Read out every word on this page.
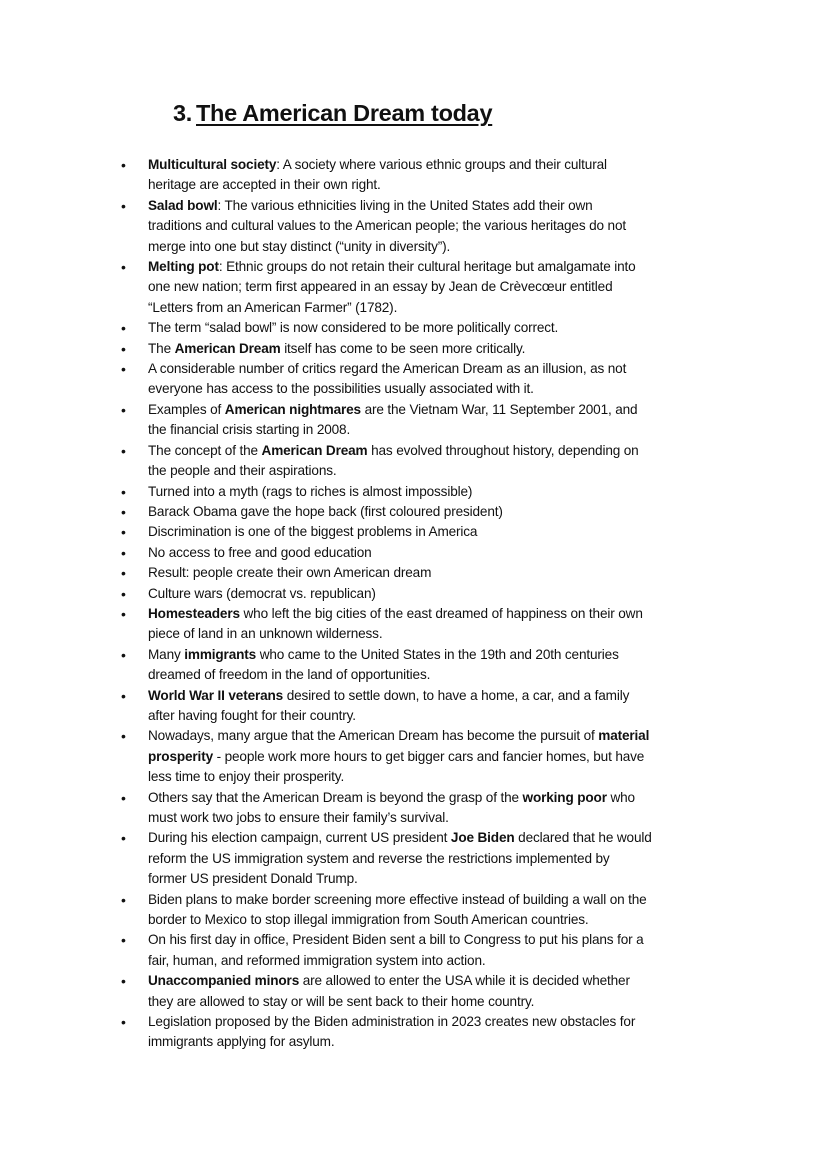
3. The American Dream today
• Multicultural society: A society where various ethnic groups and their cultural
heritage are accepted in their own right.
• Salad bowl: The various ethnicities living in the United States add their own
traditions and cultural values to the American people; the various heritages do not
merge into one but stay distinct (“unity in diversity”).
• Melting pot: Ethnic groups do not retain their cultural heritage but amalgamate into
one new nation; term first appeared in an essay by Jean de Crèvecœur entitled
“Letters from an American Farmer” (1782).
• The term “salad bowl” is now considered to be more politically correct.
• The American Dream itself has come to be seen more critically.
• A considerable number of critics regard the American Dream as an illusion, as not
everyone has access to the possibilities usually associated with it.
• Examples of American nightmares are the Vietnam War, 11 September 2001, and
the financial crisis starting in 2008.
• The concept of the American Dream has evolved throughout history, depending on
the people and their aspirations.
• Turned into a myth (rags to riches is almost impossible)
• Barack Obama gave the hope back (first coloured president)
• Discrimination is one of the biggest problems in America
• No access to free and good education
• Result: people create their own American dream
• Culture wars (democrat vs. republican)
• Homesteaders who left the big cities of the east dreamed of happiness on their own
piece of land in an unknown wilderness.
• Many immigrants who came to the United States in the 19th and 20th centuries
dreamed of freedom in the land of opportunities.
• World War II veterans desired to settle down, to have a home, a car, and a family
after having fought for their country.
• Nowadays, many argue that the American Dream has become the pursuit of material
prosperity - people work more hours to get bigger cars and fancier homes, but have
less time to enjoy their prosperity.
• Others say that the American Dream is beyond the grasp of the working poor who
must work two jobs to ensure their family’s survival.
• During his election campaign, current US president Joe Biden declared that he would
reform the US immigration system and reverse the restrictions implemented by
former US president Donald Trump.
• Biden plans to make border screening more effective instead of building a wall on the
border to Mexico to stop illegal immigration from South American countries.
• On his first day in office, President Biden sent a bill to Congress to put his plans for a
fair, human, and reformed immigration system into action.
• Unaccompanied minors are allowed to enter the USA while it is decided whether
they are allowed to stay or will be sent back to their home country.
• Legislation proposed by the Biden administration in 2023 creates new obstacles for
immigrants applying for asylum.
